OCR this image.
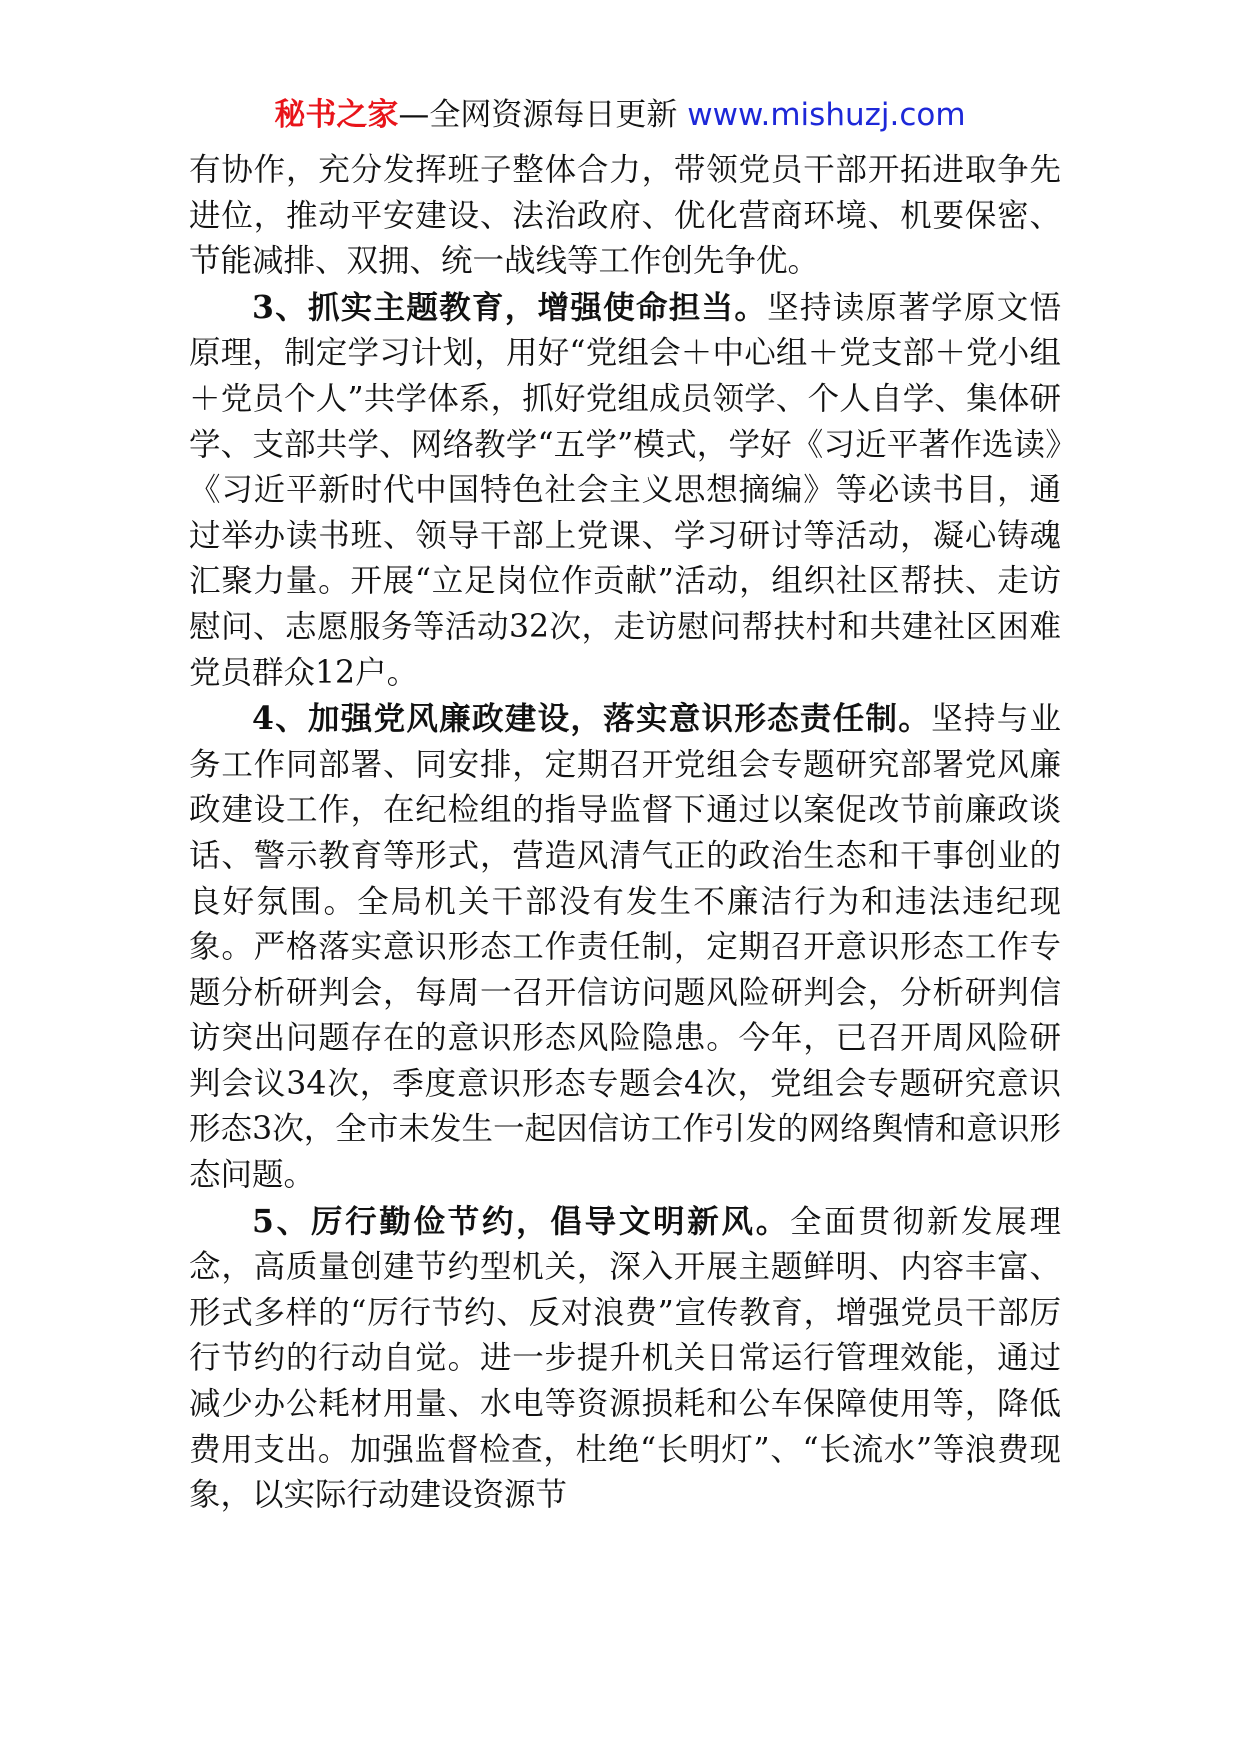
秘书之家—全网资源每日更新 www.mishuzj.com

有协作，充分发挥班子整体合力，带领党员干部开拓进取争先进位，推动平安建设、法治政府、优化营商环境、机要保密、节能减排、双拥、统一战线等工作创先争优。

3、抓实主题教育，增强使命担当。坚持读原著学原文悟原理，制定学习计划，用好“党组会＋中心组＋党支部＋党小组＋党员个人”共学体系，抓好党组成员领学、个人自学、集体研学、支部共学、网络教学“五学”模式，学好《习近平著作选读》《习近平新时代中国特色社会主义思想摘编》等必读书目，通过举办读书班、领导干部上党课、学习研讨等活动，凝心铸魂汇聚力量。开展“立足岗位作贡献”活动，组织社区帮扶、走访慰问、志愿服务等活动32次，走访慰问帮扶村和共建社区困难党员群众12户。

4、加强党风廉政建设，落实意识形态责任制。坚持与业务工作同部署、同安排，定期召开党组会专题研究部署党风廉政建设工作，在纪检组的指导监督下通过以案促改节前廉政谈话、警示教育等形式，营造风清气正的政治生态和干事创业的良好氛围。全局机关干部没有发生不廉洁行为和违法违纪现象。严格落实意识形态工作责任制，定期召开意识形态工作专题分析研判会，每周一召开信访问题风险研判会，分析研判信访突出问题存在的意识形态风险隐患。今年，已召开周风险研判会议34次，季度意识形态专题会4次，党组会专题研究意识形态3次，全市未发生一起因信访工作引发的网络舆情和意识形态问题。

5、厉行勤俭节约，倡导文明新风。全面贯彻新发展理念，高质量创建节约型机关，深入开展主题鲜明、内容丰富、形式多样的“厉行节约、反对浪费”宣传教育，增强党员干部厉行节约的行动自觉。进一步提升机关日常运行管理效能，通过减少办公耗材用量、水电等资源损耗和公车保障使用等，降低费用支出。加强监督检查，杜绝“长明灯”、“长流水”等浪费现象，以实际行动建设资源节
